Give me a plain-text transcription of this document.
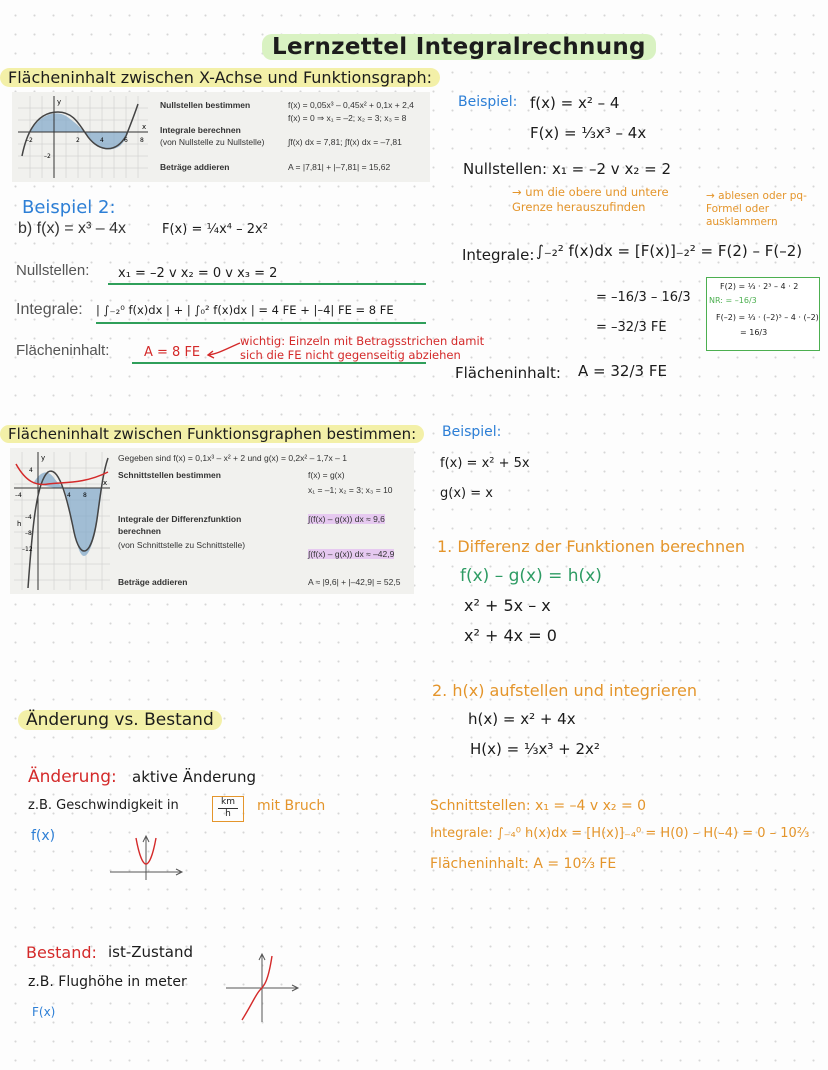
Lernzettel Integralrechnung
Flächeninhalt zwischen X-Achse und Funktionsgraph:
y
x
–2	2	4	6 8
–2
Nullstellen bestimmen	f(x) = 0,05x³ – 0,45x² + 0,1x + 2,4
f(x) = 0 ⇒ x₁ = –2; x₂ = 3; x₃ = 8
Integrale berechnen
(von Nullstelle zu Nullstelle)	∫f(x) dx = 7,81; ∫f(x) dx = –7,81
Beträge addieren	A = |7,81| + |–7,81| = 15,62
Beispiel 2:
b) f(x) = x³ – 4x	F(x) = ¼x⁴ – 2x²
Nullstellen: x₁ = –2 v x₂ = 0 v x₃ = 2
Integrale: | ∫₋₂⁰ f(x)dx | + | ∫₀² f(x)dx | = 4 FE + |–4| FE = 8 FE
Flächeninhalt:	A = 8 FE
wichtig: Einzeln mit Betragsstrichen damit sich die FE nicht gegenseitig abziehen
Beispiel: f(x) = x² – 4
F(x) = ⅓x³ – 4x
Nullstellen: x₁ = –2 v x₂ = 2
→ um die obere und untere Grenze herauszufinden
→ ablesen oder pq-Formel oder ausklammern
Integrale: ∫₋₂² f(x)dx = [F(x)]₋₂² = F(2) – F(–2)
= –16/3 – 16/3
= –32/3 FE
F(2) = ⅓ · 2³ – 4 · 2
NR: = –16/3
F(–2) = ⅓ · (–2)³ – 4 · (–2)
= 16/3
Flächeninhalt: A = 32/3 FE
Flächeninhalt zwischen Funktionsgraphen bestimmen:
y
x
h
4
–4	4 8
–4
–8
–12
Gegeben sind f(x) = 0,1x³ – x² + 2 und g(x) = 0,2x² – 1,7x – 1
Schnittstellen bestimmen	f(x) = g(x)
x₁ = –1; x₂ = 3; x₃ = 10
Integrale der Differenzfunktion
berechnen
(von Schnittstelle zu Schnittstelle)
∫(f(x) – g(x)) dx ≈ 9,6
∫(f(x) – g(x)) dx ≈ –42,9
Beträge addieren	A ≈ |9,6| + |–42,9| = 52,5
Beispiel:
f(x) = x² + 5x
g(x) = x
1. Differenz der Funktionen berechnen
f(x) – g(x) = h(x)
x² + 5x – x
x² + 4x = 0
2. h(x) aufstellen und integrieren
h(x) = x² + 4x
H(x) = ⅓x³ + 2x²
Schnittstellen: x₁ = –4 v x₂ = 0
Integrale: ∫₋₄⁰ h(x)dx = [H(x)]₋₄⁰ = H(0) – H(–4) = 0 – 10⅔
Flächeninhalt: A = 10⅔ FE
Änderung vs. Bestand
Änderung: aktive Änderung
z.B. Geschwindigkeit in	$\frac{km}{h}$ mit Bruch
f(x)
Bestand: ist-Zustand
z.B. Flughöhe in meter
F(x)
